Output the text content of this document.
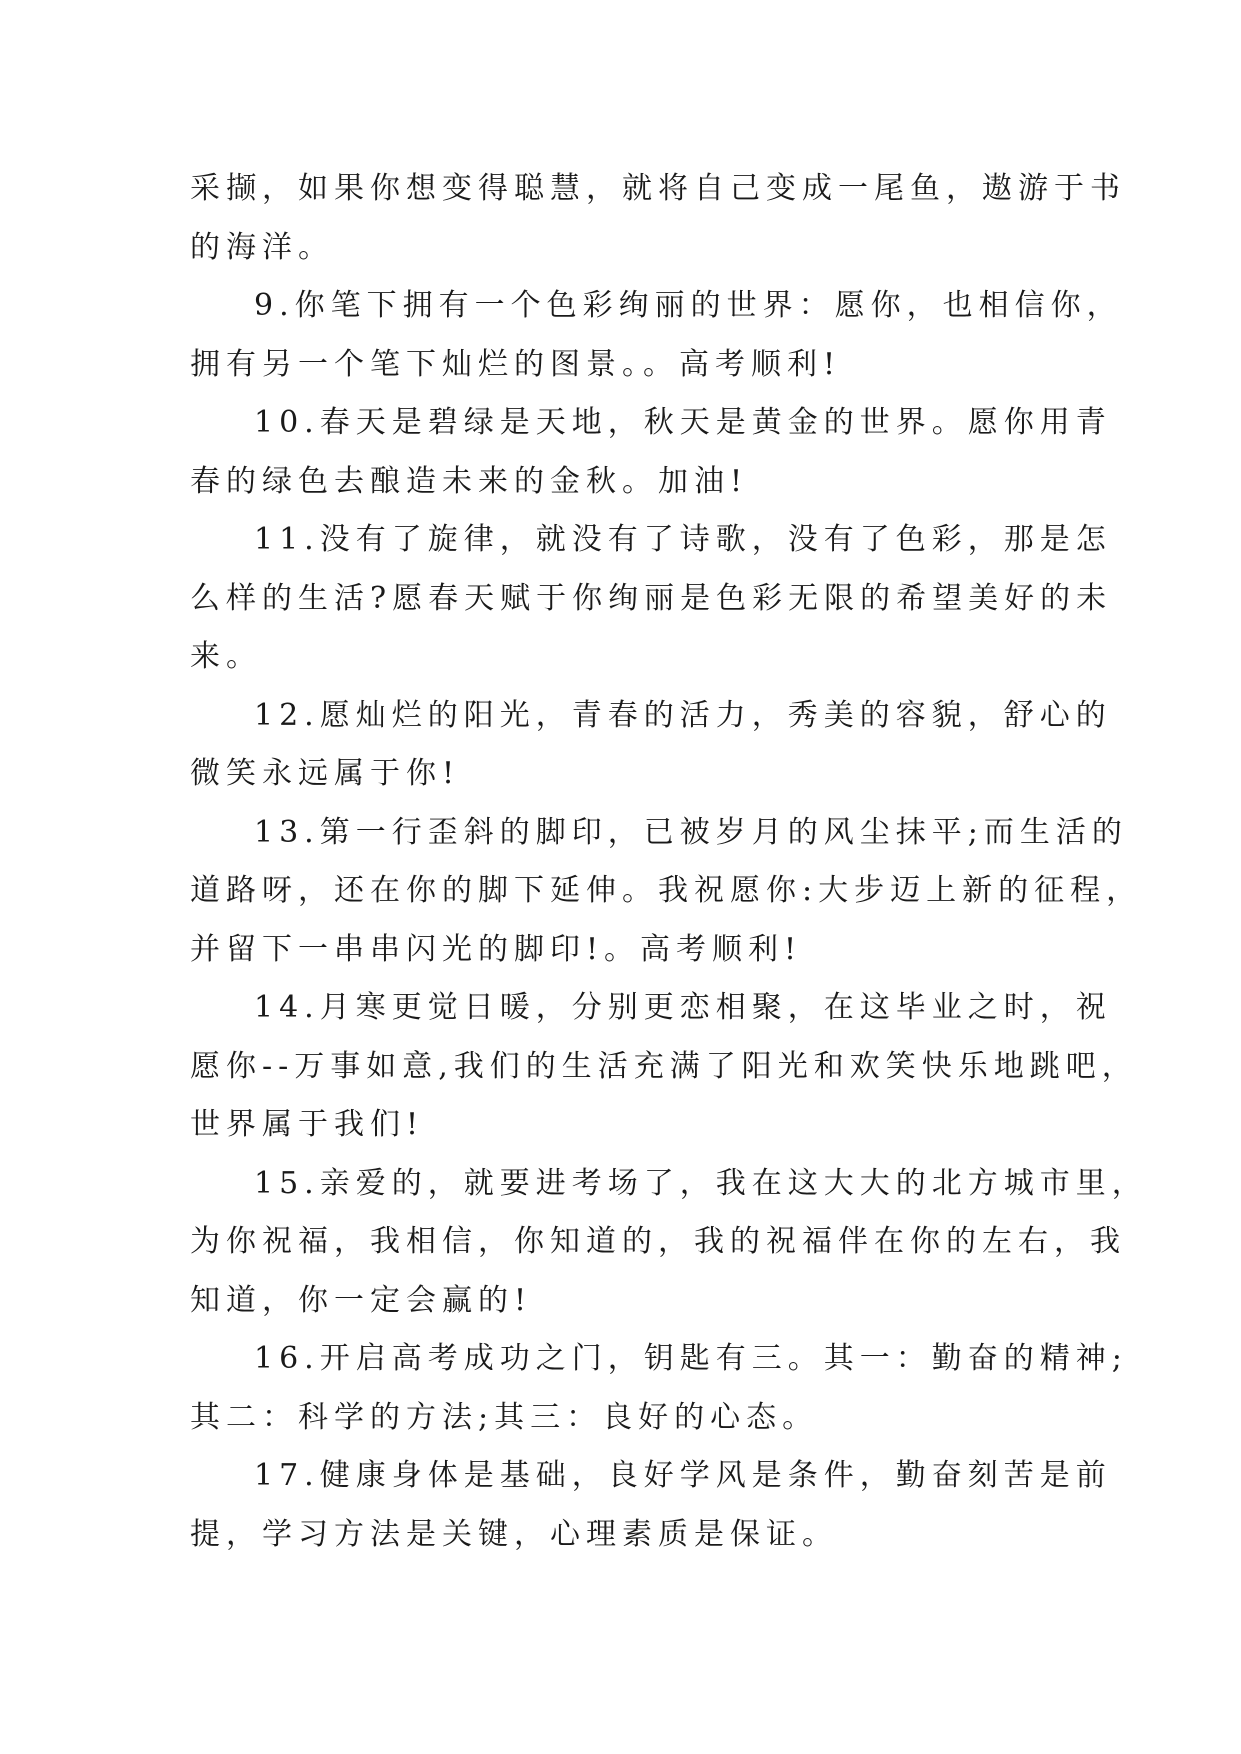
采撷，如果你想变得聪慧，就将自己变成一尾鱼，遨游于书
的海洋。
9.你笔下拥有一个色彩绚丽的世界：愿你，也相信你，
拥有另一个笔下灿烂的图景。。高考顺利!
10.春天是碧绿是天地，秋天是黄金的世界。愿你用青
春的绿色去酿造未来的金秋。加油!
11.没有了旋律，就没有了诗歌，没有了色彩，那是怎
么样的生活?愿春天赋于你绚丽是色彩无限的希望美好的未
来。
12.愿灿烂的阳光，青春的活力，秀美的容貌，舒心的
微笑永远属于你!
13.第一行歪斜的脚印，已被岁月的风尘抹平;而生活的
道路呀，还在你的脚下延伸。我祝愿你:大步迈上新的征程，
并留下一串串闪光的脚印!。高考顺利!
14.月寒更觉日暖，分别更恋相聚，在这毕业之时，祝
愿你--万事如意,我们的生活充满了阳光和欢笑快乐地跳吧，
世界属于我们!
15.亲爱的，就要进考场了，我在这大大的北方城市里，
为你祝福，我相信，你知道的，我的祝福伴在你的左右，我
知道，你一定会赢的!
16.开启高考成功之门，钥匙有三。其一：勤奋的精神;
其二：科学的方法;其三：良好的心态。
17.健康身体是基础，良好学风是条件，勤奋刻苦是前
提，学习方法是关键，心理素质是保证。
